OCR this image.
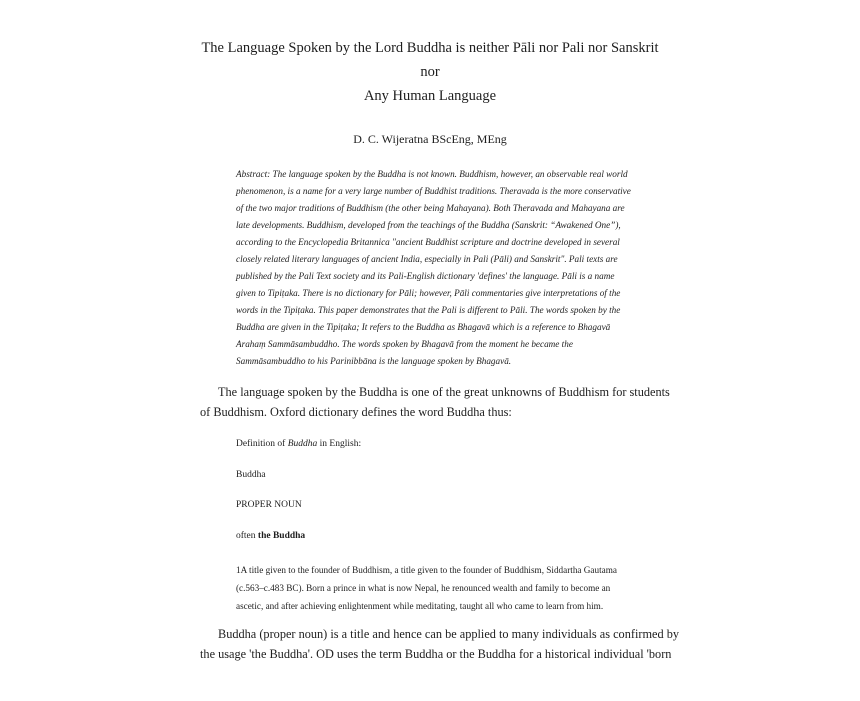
The Language Spoken by the Lord Buddha is neither Pāli nor Pali nor Sanskrit nor
Any Human Language
D. C. Wijeratna BScEng, MEng
Abstract: The language spoken by the Buddha is not known. Buddhism, however, an observable real world
phenomenon, is a name for a very large number of Buddhist traditions. Theravada is the more conservative
of the two major traditions of Buddhism (the other being Mahayana). Both Theravada and Mahayana are
late developments. Buddhism, developed from the teachings of the Buddha (Sanskrit: “Awakened One”),
according to the Encyclopedia Britannica "ancient Buddhist scripture and doctrine developed in several
closely related literary languages of ancient India, especially in Pali (Pāli) and Sanskrit". Pali texts are
published by the Pali Text society and its Pali-English dictionary 'defines' the language. Pāli is a name
given to Tipiṭaka. There is no dictionary for Pāli; however, Pāli commentaries give interpretations of the
words in the Tipiṭaka. This paper demonstrates that the Pali is different to Pāli. The words spoken by the
Buddha are given in the Tipiṭaka; It refers to the Buddha as Bhagavā which is a reference to Bhagavā
Arahaṃ Sammāsambuddho. The words spoken by Bhagavā from the moment he became the
Sammāsambuddho to his Parinibbāna is the language spoken by Bhagavā.
The language spoken by the Buddha is one of the great unknowns of Buddhism for students
of Buddhism. Oxford dictionary defines the word Buddha thus:
Definition of Buddha in English:
Buddha
PROPER NOUN
often the Buddha
1A title given to the founder of Buddhism, a title given to the founder of Buddhism, Siddartha Gautama
(c.563–c.483 BC). Born a prince in what is now Nepal, he renounced wealth and family to become an
ascetic, and after achieving enlightenment while meditating, taught all who came to learn from him.
Buddha (proper noun) is a title and hence can be applied to many individuals as confirmed by
the usage 'the Buddha'. OD uses the term Buddha or the Buddha for a historical individual 'born
